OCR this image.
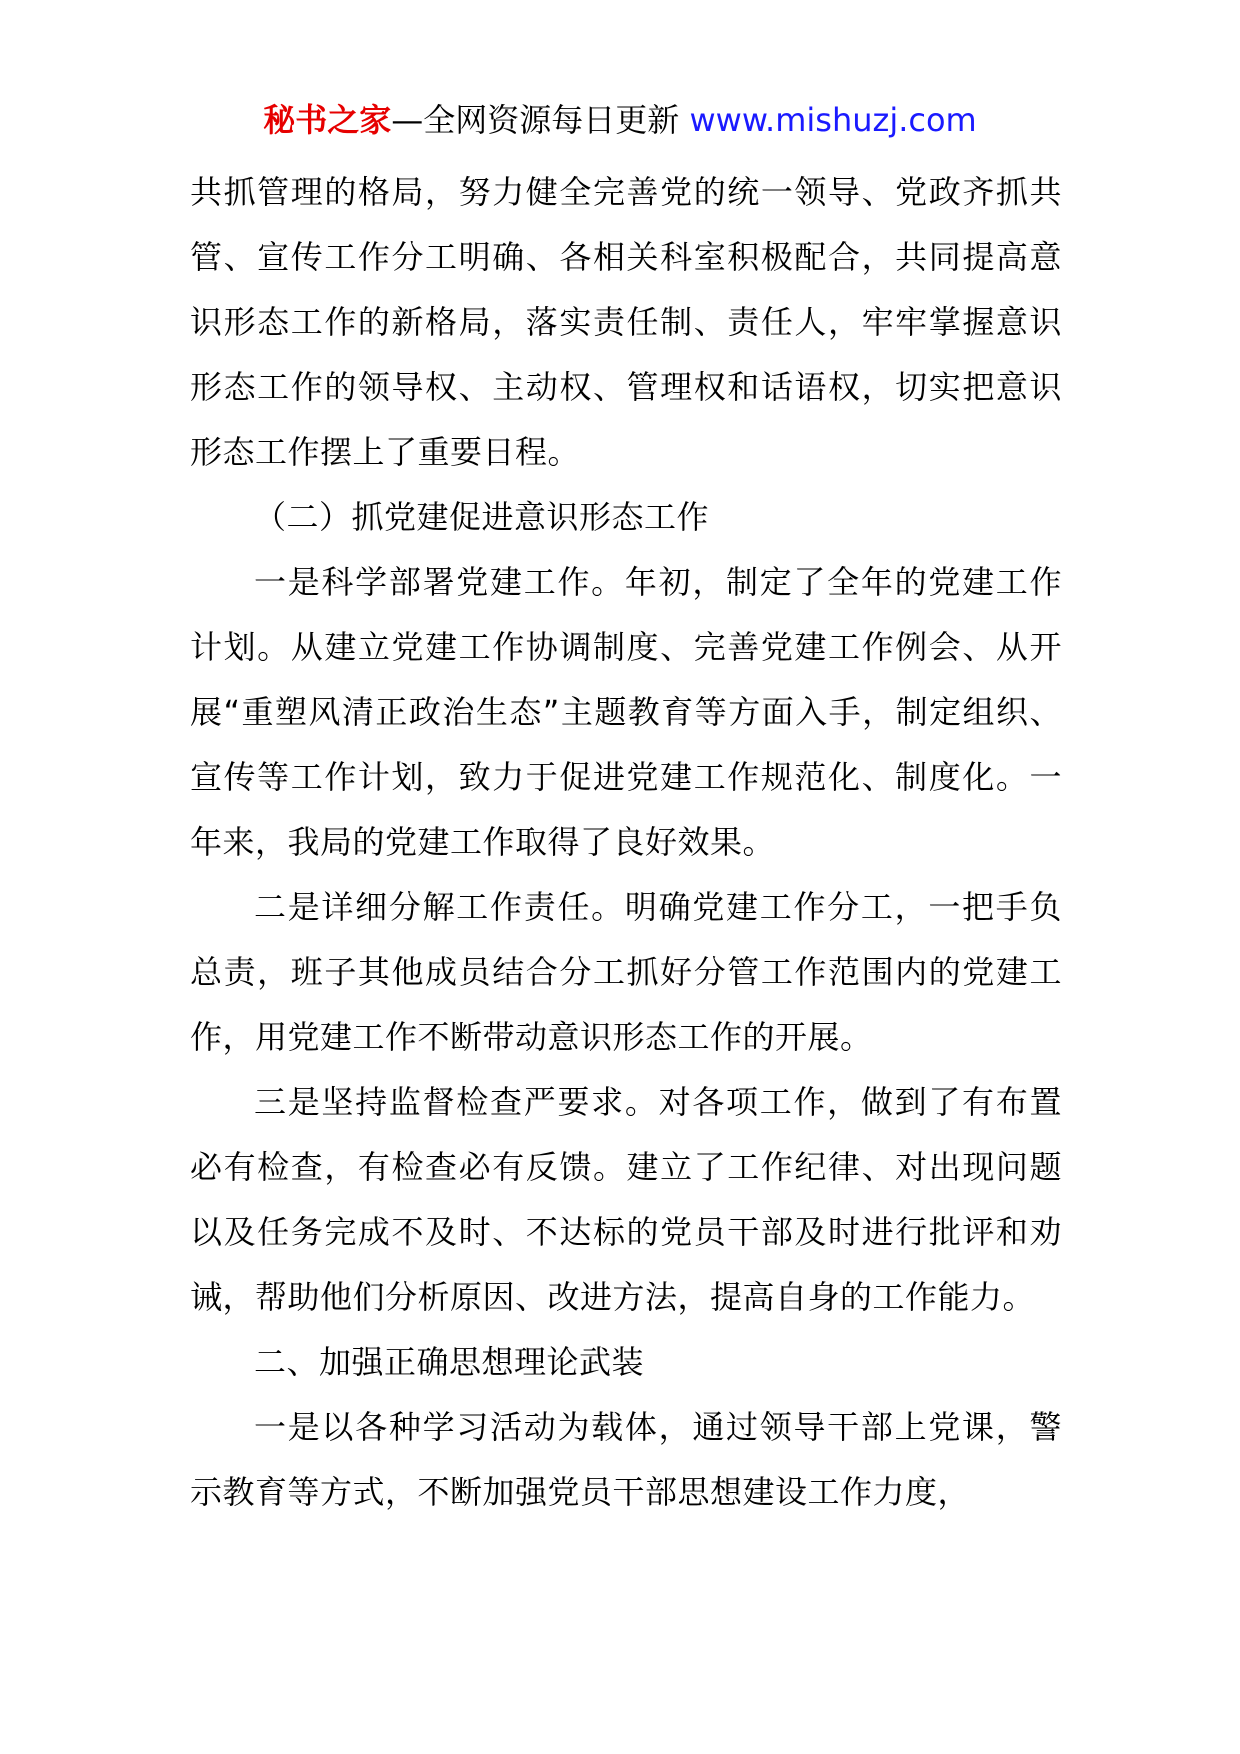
秘书之家—全网资源每日更新 www.mishuzj.com

共抓管理的格局，努力健全完善党的统一领导、党政齐抓共管、宣传工作分工明确、各相关科室积极配合，共同提高意识形态工作的新格局，落实责任制、责任人，牢牢掌握意识形态工作的领导权、主动权、管理权和话语权，切实把意识形态工作摆上了重要日程。

（二）抓党建促进意识形态工作

一是科学部署党建工作。年初，制定了全年的党建工作计划。从建立党建工作协调制度、完善党建工作例会、从开展“重塑风清正政治生态”主题教育等方面入手，制定组织、宣传等工作计划，致力于促进党建工作规范化、制度化。一年来，我局的党建工作取得了良好效果。

二是详细分解工作责任。明确党建工作分工，一把手负总责，班子其他成员结合分工抓好分管工作范围内的党建工作，用党建工作不断带动意识形态工作的开展。

三是坚持监督检查严要求。对各项工作，做到了有布置必有检查，有检查必有反馈。建立了工作纪律、对出现问题以及任务完成不及时、不达标的党员干部及时进行批评和劝诫，帮助他们分析原因、改进方法，提高自身的工作能力。

二、加强正确思想理论武装

一是以各种学习活动为载体，通过领导干部上党课，警示教育等方式，不断加强党员干部思想建设工作力度，
